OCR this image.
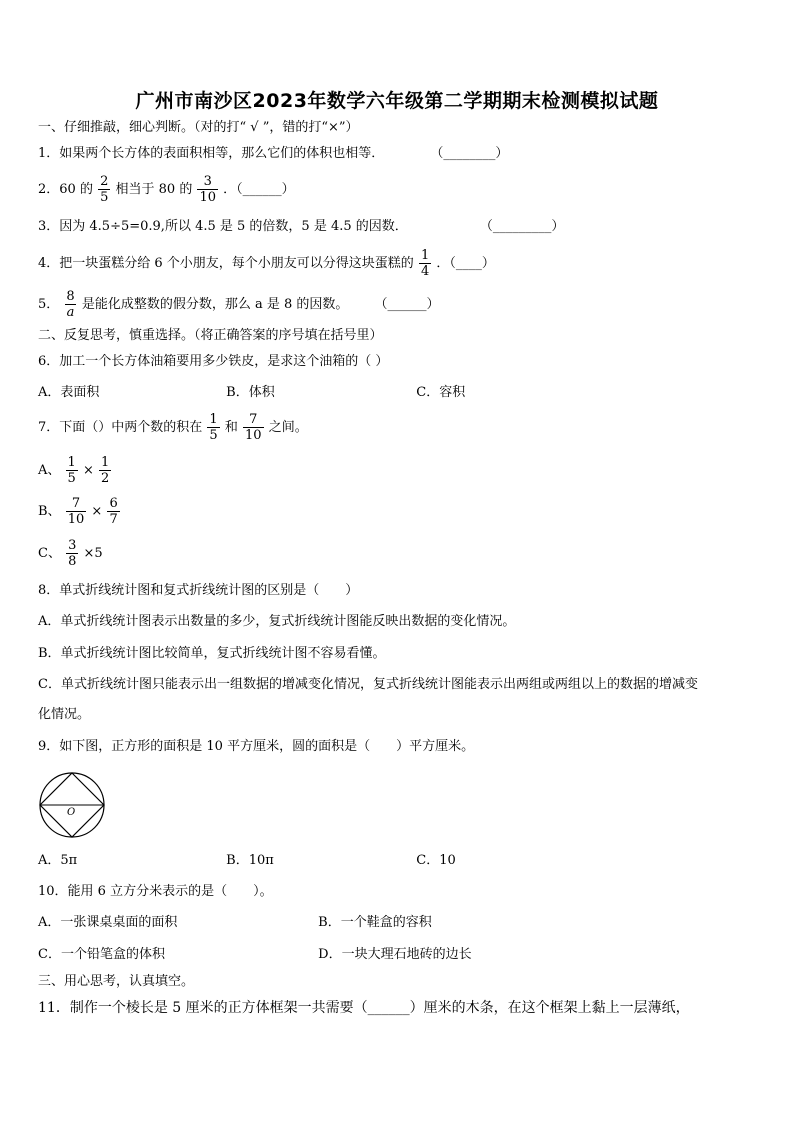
广州市南沙区2023年数学六年级第二学期期末检测模拟试题
一、仔细推敲，细心判断。（对的打“ √ ”，错的打“×”）
1．如果两个长方体的表面积相等，那么它们的体积也相等．	（________）
2．60 的 $\frac{2}{5}$ 相当于 80 的 $\frac{3}{10}$ ．（______）
3．因为 4.5÷5=0.9,所以 4.5 是 5 的倍数，5 是 4.5 的因数．	（_________）
4．把一块蛋糕分给 6 个小朋友，每个小朋友可以分得这块蛋糕的 $\frac{1}{4}$ ．（____）
5． $\frac{8}{a}$ 是能化成整数的假分数，那么 a 是 8 的因数。 （______）
二、反复思考，慎重选择。（将正确答案的序号填在括号里）
6．加工一个长方体油箱要用多少铁皮，是求这个油箱的（ ）
A．表面积	B．体积	C．容积
7．下面（）中两个数的积在 $\frac{1}{5}$ 和 $\frac{7}{10}$ 之间。
A、 $\frac{1}{5} \times \frac{1}{2}$
B、 $\frac{7}{10} \times \frac{6}{7}$
C、 $\frac{3}{8} \times 5$
8．单式折线统计图和复式折线统计图的区别是（　　）
A．单式折线统计图表示出数量的多少，复式折线统计图能反映出数据的变化情况。
B．单式折线统计图比较简单，复式折线统计图不容易看懂。
C．单式折线统计图只能表示出一组数据的增减变化情况，复式折线统计图能表示出两组或两组以上的数据的增减变
化情况。
9．如下图，正方形的面积是 10 平方厘米，圆的面积是（　　）平方厘米。
O
A．5π	B．10π	C．10
10．能用 6 立方分米表示的是（　　）。
A．一张课桌桌面的面积	B．一个鞋盒的容积
C．一个铅笔盒的体积	D．一块大理石地砖的边长
三、用心思考，认真填空。
11．制作一个棱长是 5 厘米的正方体框架一共需要（______）厘米的木条，在这个框架上黏上一层薄纸，
